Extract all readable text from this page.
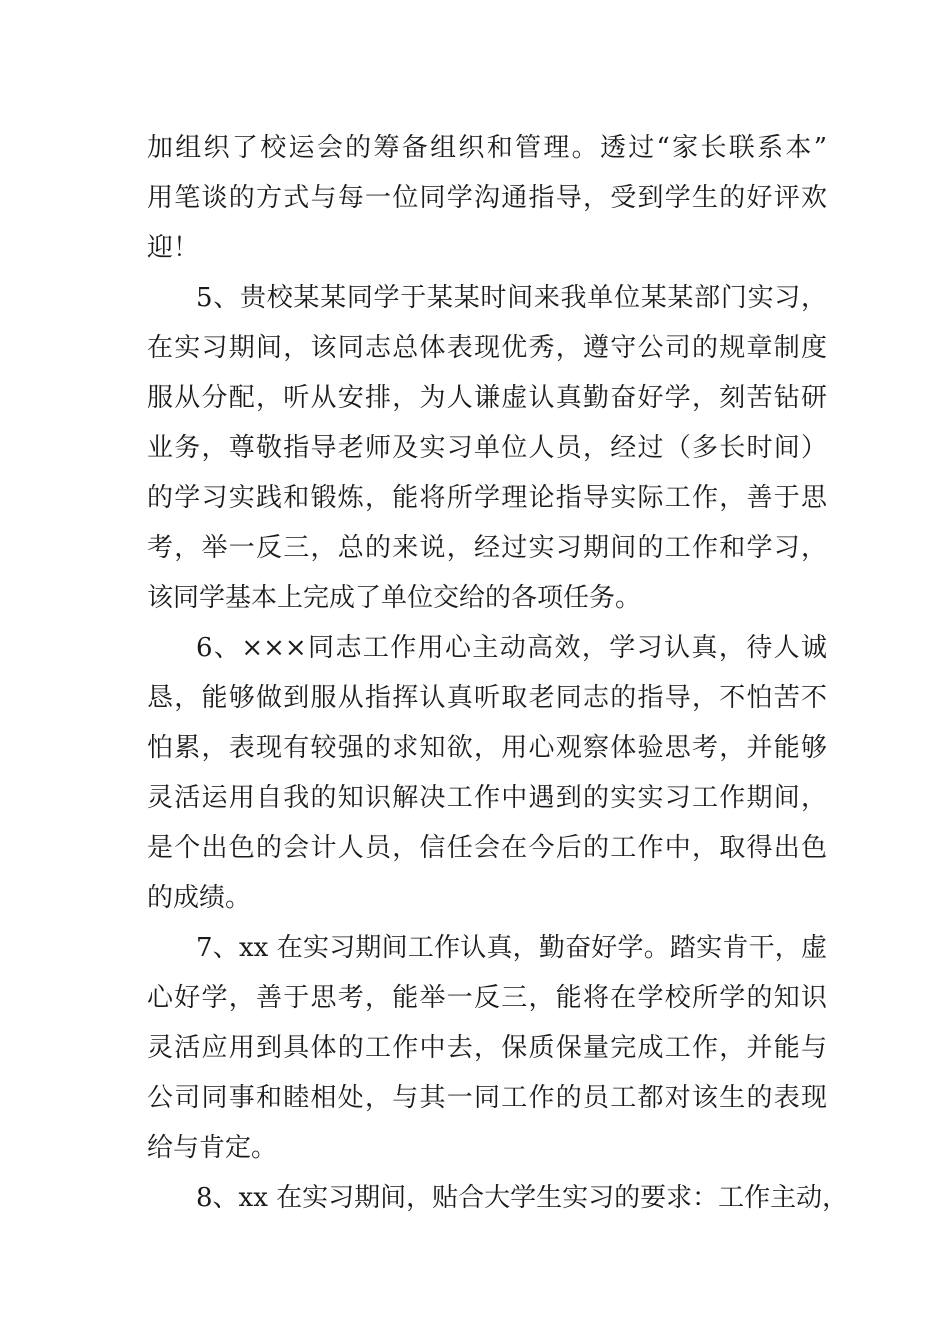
加组织了校运会的筹备组织和管理。透过“家长联系本”
用笔谈的方式与每一位同学沟通指导，受到学生的好评欢
迎！
5、贵校某某同学于某某时间来我单位某某部门实习，
在实习期间，该同志总体表现优秀，遵守公司的规章制度
服从分配，听从安排，为人谦虚认真勤奋好学，刻苦钻研
业务，尊敬指导老师及实习单位人员，经过（多长时间）
的学习实践和锻炼，能将所学理论指导实际工作，善于思
考，举一反三，总的来说，经过实习期间的工作和学习，
该同学基本上完成了单位交给的各项任务。
6、×××同志工作用心主动高效，学习认真，待人诚
恳，能够做到服从指挥认真听取老同志的指导，不怕苦不
怕累，表现有较强的求知欲，用心观察体验思考，并能够
灵活运用自我的知识解决工作中遇到的实实习工作期间，
是个出色的会计人员，信任会在今后的工作中，取得出色
的成绩。
7、xx 在实习期间工作认真，勤奋好学。踏实肯干，虚
心好学，善于思考，能举一反三，能将在学校所学的知识
灵活应用到具体的工作中去，保质保量完成工作，并能与
公司同事和睦相处，与其一同工作的员工都对该生的表现
给与肯定。
8、xx 在实习期间，贴合大学生实习的要求：工作主动，
